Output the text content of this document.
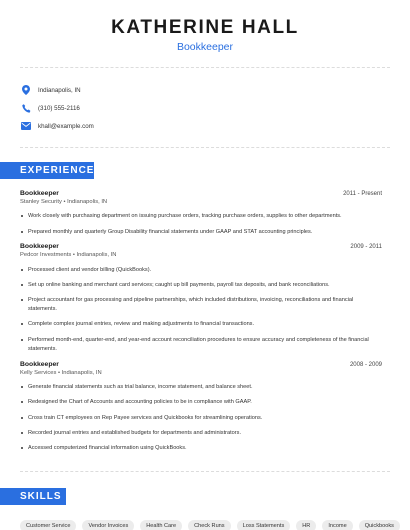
KATHERINE HALL
Bookkeeper
Indianapolis, IN
(310) 555-2116
khall@example.com
EXPERIENCE
Bookkeeper	2011 - Present
Stanley Security • Indianapolis, IN
Work closely with purchasing department on issuing purchase orders, tracking purchase orders, supplies to other departments.
Prepared monthly and quarterly Group Disability financial statements under GAAP and STAT accounting principles.
Bookkeeper	2009 - 2011
Pedcor Investments • Indianapolis, IN
Processed client and vendor billing (QuickBooks).
Set up online banking and merchant card services; caught up bill payments, payroll tax deposits, and bank reconciliations.
Project accountant for gas processing and pipeline partnerships, which included distributions, invoicing, reconciliations and financial statements.
Complete complex journal entries, review and making adjustments to financial transactions.
Performed month-end, quarter-end, and year-end account reconciliation procedures to ensure accuracy and completeness of the financial statements.
Bookkeeper	2008 - 2009
Kelly Services • Indianapolis, IN
Generate financial statements such as trial balance, income statement, and balance sheet.
Redesigned the Chart of Accounts and accounting policies to be in compliance with GAAP.
Cross train CT employees on Rep Payee services and Quickbooks for streamlining operations.
Recorded journal entries and established budgets for departments and administrators.
Accessed computerized financial information using QuickBooks.
SKILLS
Customer Service	Vendor Invoices	Health Care	Check Runs	Loss Statements	HR	Income	Quickbooks
